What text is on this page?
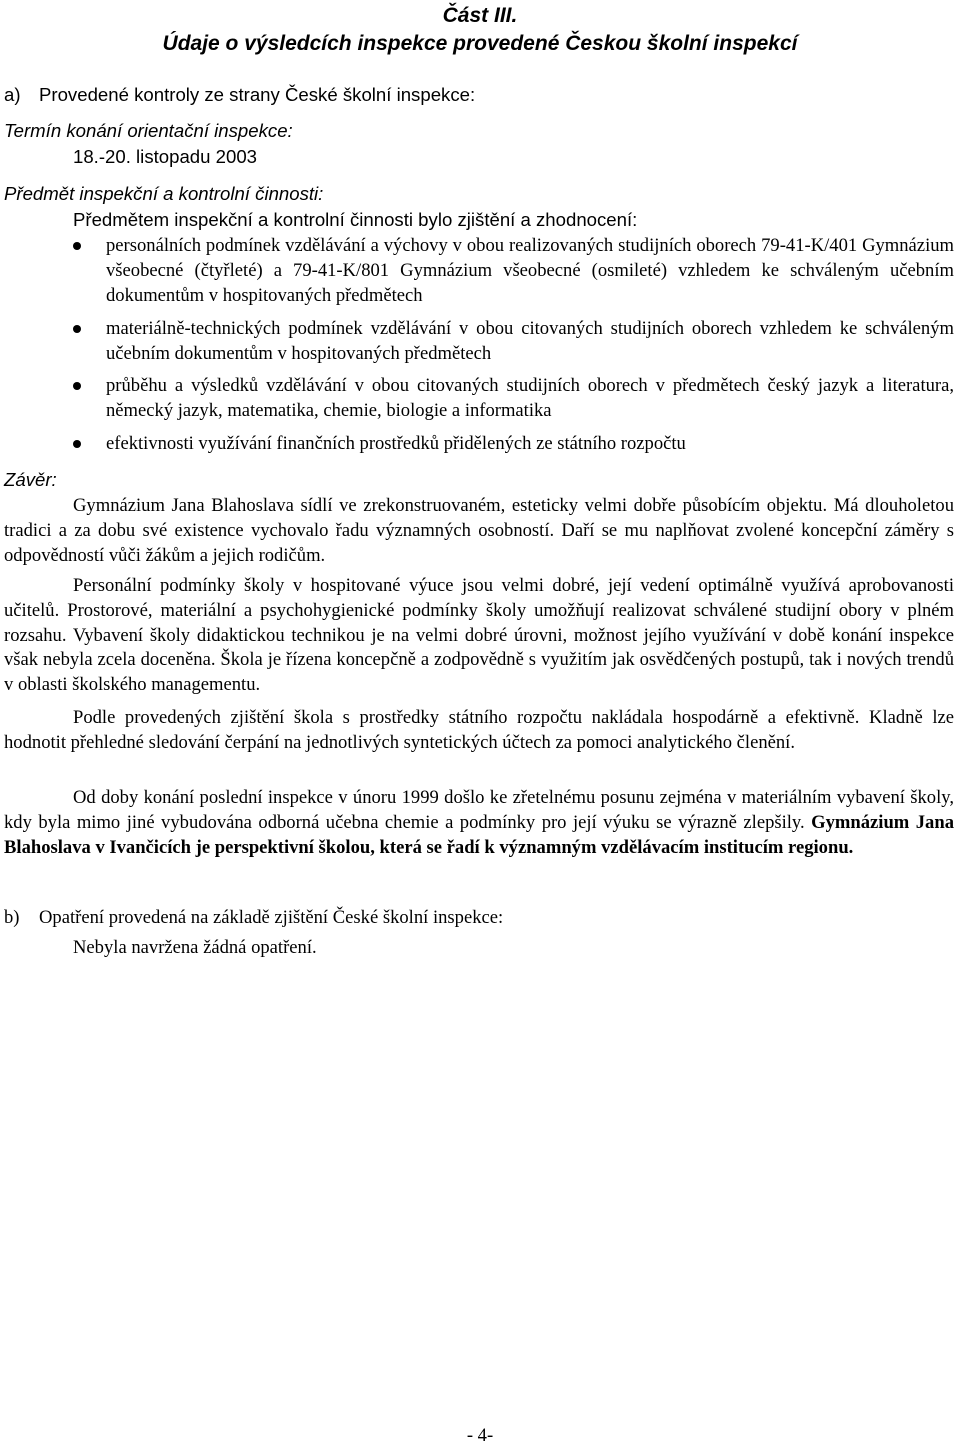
Část III.
Údaje o výsledcích inspekce provedené Českou školní inspekcí
a) Provedené kontroly ze strany České školní inspekce:
Termín konání orientační inspekce:
18.-20. listopadu 2003
Předmět inspekční a kontrolní činnosti:
Předmětem inspekční a kontrolní činnosti bylo zjištění a zhodnocení:
personálních podmínek vzdělávání a výchovy v obou realizovaných studijních oborech 79-41-K/401 Gymnázium všeobecné (čtyřleté) a 79-41-K/801 Gymnázium všeobecné (osmileté) vzhledem ke schváleným učebním dokumentům v hospitovaných předmětech
materiálně-technických podmínek vzdělávání v obou citovaných studijních oborech vzhledem ke schváleným učebním dokumentům v hospitovaných předmětech
průběhu a výsledků vzdělávání v obou citovaných studijních oborech v předmětech český jazyk a literatura, německý jazyk, matematika, chemie, biologie a informatika
efektivnosti využívání finančních prostředků přidělených ze státního rozpočtu
Závěr:
Gymnázium Jana Blahoslava sídlí ve zrekonstruovaném, esteticky velmi dobře působícím objektu. Má dlouholetou tradici a za dobu své existence vychovalo řadu významných osobností. Daří se mu naplňovat zvolené koncepční záměry s odpovědností vůči žákům a jejich rodičům.
Personální podmínky školy v hospitované výuce jsou velmi dobré, její vedení optimálně využívá aprobovanosti učitelů. Prostorové, materiální a psychohygienické podmínky školy umožňují realizovat schválené studijní obory v plném rozsahu. Vybavení školy didaktickou technikou je na velmi dobré úrovni, možnost jejího využívání v době konání inspekce však nebyla zcela doceněna. Škola je řízena koncepčně a zodpovědně s využitím jak osvědčených postupů, tak i nových trendů v oblasti školského managementu.
Podle provedených zjištění škola s prostředky státního rozpočtu nakládala hospodárně a efektivně. Kladně lze hodnotit přehledné sledování čerpání na jednotlivých syntetických účtech za pomoci analytického členění.
Od doby konání poslední inspekce v únoru 1999 došlo ke zřetelnému posunu zejména v materiálním vybavení školy, kdy byla mimo jiné vybudována odborná učebna chemie a podmínky pro její výuku se výrazně zlepšily. Gymnázium Jana Blahoslava v Ivančicích je perspektivní školou, která se řadí k významným vzdělávacím institucím regionu.
b) Opatření provedená na základě zjištění České školní inspekce:
Nebyla navržena žádná opatření.
- 4-
